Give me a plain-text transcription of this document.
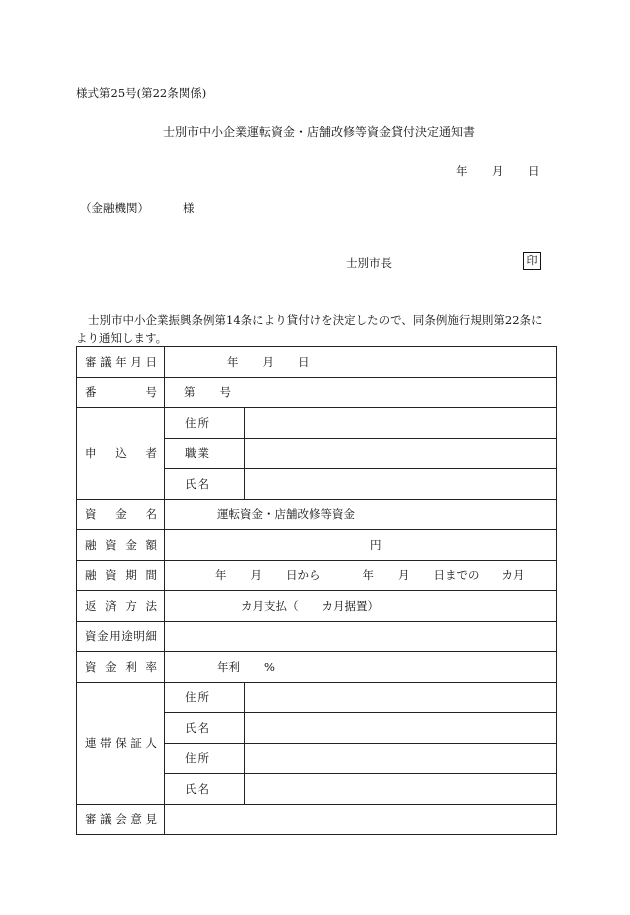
様式第25号(第22条関係)
士別市中小企業運転資金・店舗改修等資金貸付決定通知書
年 月 日
（金融機関）	様
士別市長	印
士別市中小企業振興条例第14条により貸付けを決定したので、同条例施行規則第22条に
より通知します。
審議年月日	年 月 日	
番号	第 号	
申込者	住所	
	職業	
	氏名	
資金名	運転資金・店舗改修等資金	
融資金額	円	
融資期間	年 月 日から 年 月 日までの カ月	
返済方法	カ月支払（　　カ月据置）	
資金用途明細		
資金利率	年利 %	
連帯保証人	住所	
	氏名	
	住所	
	氏名	
審議会意見		
